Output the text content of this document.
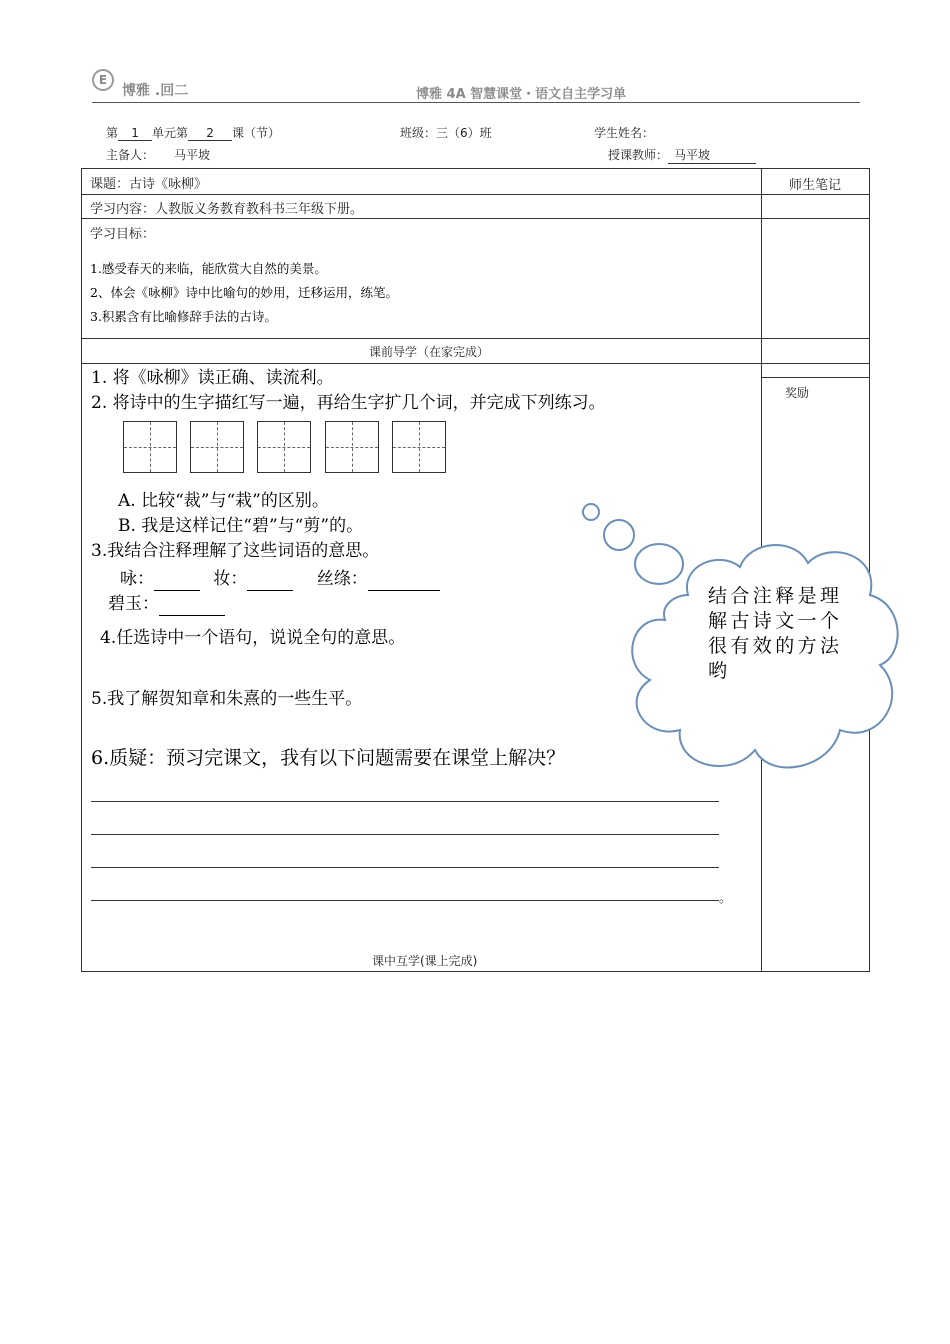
E
博雅 .回二	博雅 4A 智慧课堂・语文自主学习单
第 1 单元第 2 课（节）	班级：三（6）班	学生姓名：
主备人： 马平坡	授课教师： 马平坡
课题：古诗《咏柳》	师生笔记
学习内容：人教版义务教育教科书三年级下册。
学习目标：
1.感受春天的来临，能欣赏大自然的美景。
2、体会《咏柳》诗中比喻句的妙用，迁移运用，练笔。
3.积累含有比喻修辞手法的古诗。
课前导学（在家完成）
奖励
课中互学(课上完成)
1. 将《咏柳》读正确、读流利。
2. 将诗中的生字描红写一遍，再给生字扩几个词，并完成下列练习。
A. 比较“裁”与“栽”的区别。
B. 我是这样记住“碧”与“剪”的。
3.我结合注释理解了这些词语的意思。
咏：	妆：	丝绦：
碧玉：
4.任选诗中一个语句，说说全句的意思。
5.我了解贺知章和朱熹的一些生平。
6.质疑：预习完课文，我有以下问题需要在课堂上解决？
。
结合注释是理解古诗文一个很有效的方法哟
